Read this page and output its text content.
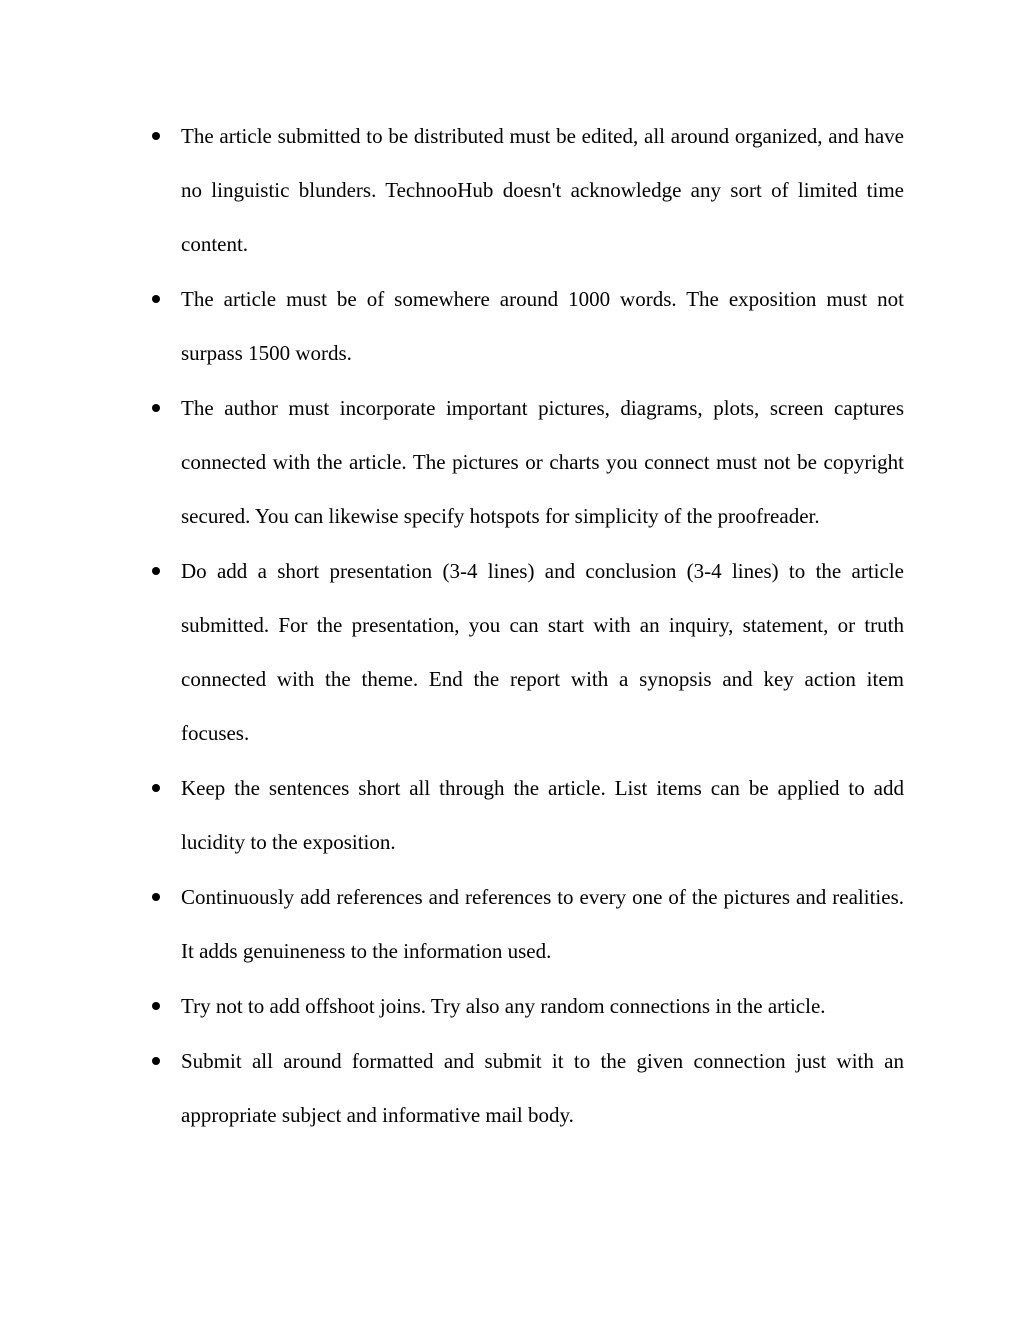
The article submitted to be distributed must be edited, all around organized, and have no linguistic blunders. TechnooHub doesn't acknowledge any sort of limited time content.
The article must be of somewhere around 1000 words. The exposition must not surpass 1500 words.
The author must incorporate important pictures, diagrams, plots, screen captures connected with the article. The pictures or charts you connect must not be copyright secured. You can likewise specify hotspots for simplicity of the proofreader.
Do add a short presentation (3-4 lines) and conclusion (3-4 lines) to the article submitted. For the presentation, you can start with an inquiry, statement, or truth connected with the theme. End the report with a synopsis and key action item focuses.
Keep the sentences short all through the article. List items can be applied to add lucidity to the exposition.
Continuously add references and references to every one of the pictures and realities. It adds genuineness to the information used.
Try not to add offshoot joins. Try also any random connections in the article.
Submit all around formatted and submit it to the given connection just with an appropriate subject and informative mail body.
